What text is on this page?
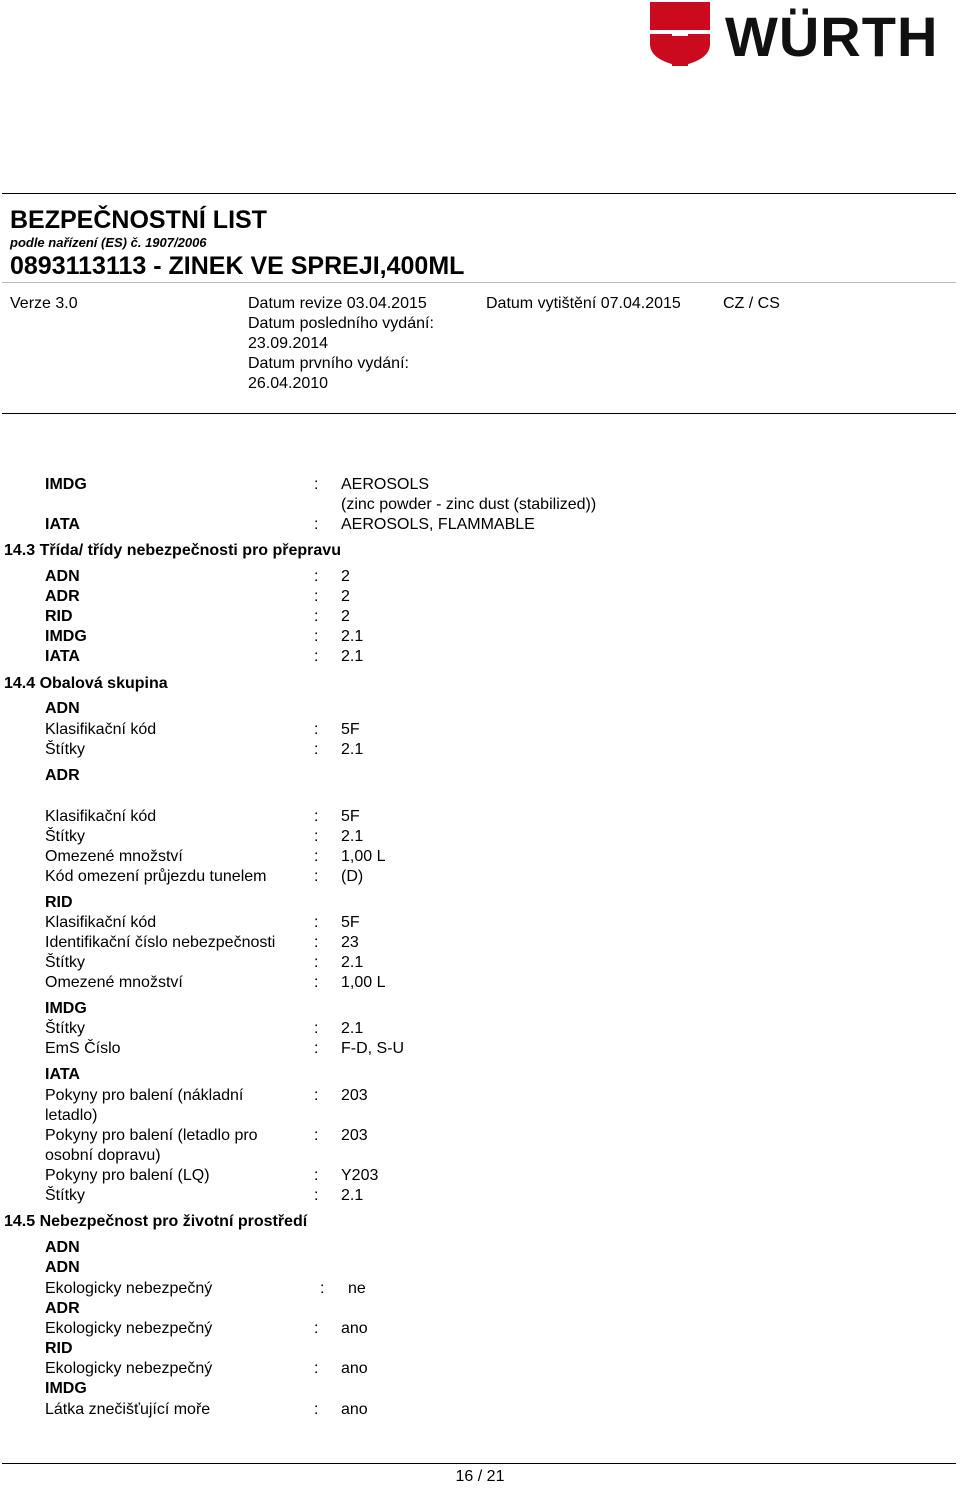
WÜRTH
BEZPEČNOSTNÍ LIST
podle nařízení (ES) č. 1907/2006
0893113113 - ZINEK VE SPREJI,400ML
Verze 3.0	Datum revize 03.04.2015
Datum posledního vydání:
23.09.2014
Datum prvního vydání:
26.04.2010
Datum vytištění 07.04.2015	CZ / CS
IMDG	: AEROSOLS
(zinc powder - zinc dust (stabilized))
IATA	: AEROSOLS, FLAMMABLE
14.3 Třída/ třídy nebezpečnosti pro přepravu
ADN	: 2
ADR	: 2
RID	: 2
IMDG	: 2.1
IATA	: 2.1
14.4 Obalová skupina
ADN
Klasifikační kód	: 5F
Štítky	: 2.1
ADR
Klasifikační kód	: 5F
Štítky	: 2.1
Omezené množství	: 1,00 L
Kód omezení průjezdu tunelem	: (D)
RID
Klasifikační kód	: 5F
Identifikační číslo nebezpečnosti : 23
Štítky	: 2.1
Omezené množství	: 1,00 L
IMDG
Štítky	: 2.1
EmS Číslo	: F-D, S-U
IATA
Pokyny pro balení (nákladní
letadlo)
: 203
Pokyny pro balení (letadlo pro
osobní dopravu)
: 203
Pokyny pro balení (LQ)	: Y203
Štítky	: 2.1
14.5 Nebezpečnost pro životní prostředí
ADN
ADN
Ekologicky nebezpečný	: ne
ADR
Ekologicky nebezpečný	: ano
RID
Ekologicky nebezpečný	: ano
IMDG
Látka znečišťující moře	: ano
16 / 21
